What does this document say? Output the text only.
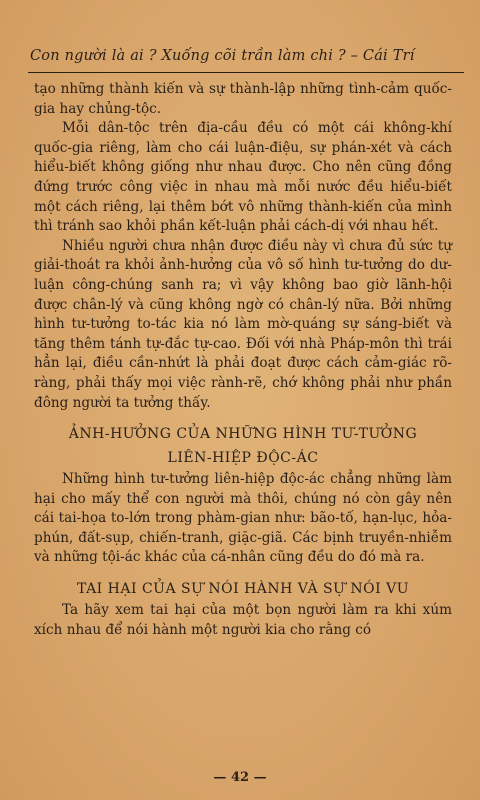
Con người là ai ? Xuống cõi trần làm chi ? – Cái Trí

tạo những thành kiến và sự thành-lập những tình-cảm quốc-gia hay chủng-tộc.

Mỗi dân-tộc trên địa-cầu đều có một cái không-khí quốc-gia riêng, làm cho cái luận-điệu, sự phán-xét và cách hiểu-biết không giống như nhau được. Cho nên cũng đồng đứng trước công việc in nhau mà mỗi nước đều hiểu-biết một cách riêng, lại thêm bớt vô những thành-kiến của mình thì tránh sao khỏi phần kết-luận phải cách-dị với nhau hết.

Nhiều người chưa nhận được điều này vì chưa đủ sức tự giải-thoát ra khỏi ảnh-hưởng của vô số hình tư-tưởng do dư-luận công-chúng sanh ra; vì vậy không bao giờ lãnh-hội được chân-lý và cũng không ngờ có chân-lý nữa. Bởi những hình tư-tưởng to-tác kia nó làm mờ-quáng sự sáng-biết và tăng thêm tánh tự-đắc tự-cao. Đối với nhà Pháp-môn thì trái hẳn lại, điều cần-nhứt là phải đoạt được cách cảm-giác rõ-ràng, phải thấy mọi việc rành-rẽ, chớ không phải như phần đông người ta tưởng thấy.

ẢNH-HƯỞNG CỦA NHỮNG HÌNH TƯ-TƯỞNG
LIÊN-HIỆP ĐỘC-ÁC

Những hình tư-tưởng liên-hiệp độc-ác chẳng những làm hại cho mấy thể con người mà thôi, chúng nó còn gây nên cái tai-họa to-lớn trong phàm-gian như: bão-tố, hạn-lục, hỏa-phún, đất-sụp, chiến-tranh, giặc-giã. Các bịnh truyền-nhiễm và những tội-ác khác của cá-nhân cũng đều do đó mà ra.

TAI HẠI CỦA SỰ NÓI HÀNH VÀ SỰ NÓI VU

Ta hãy xem tai hại của một bọn người làm ra khi xúm xích nhau để nói hành một người kia cho rằng có

— 42 —
